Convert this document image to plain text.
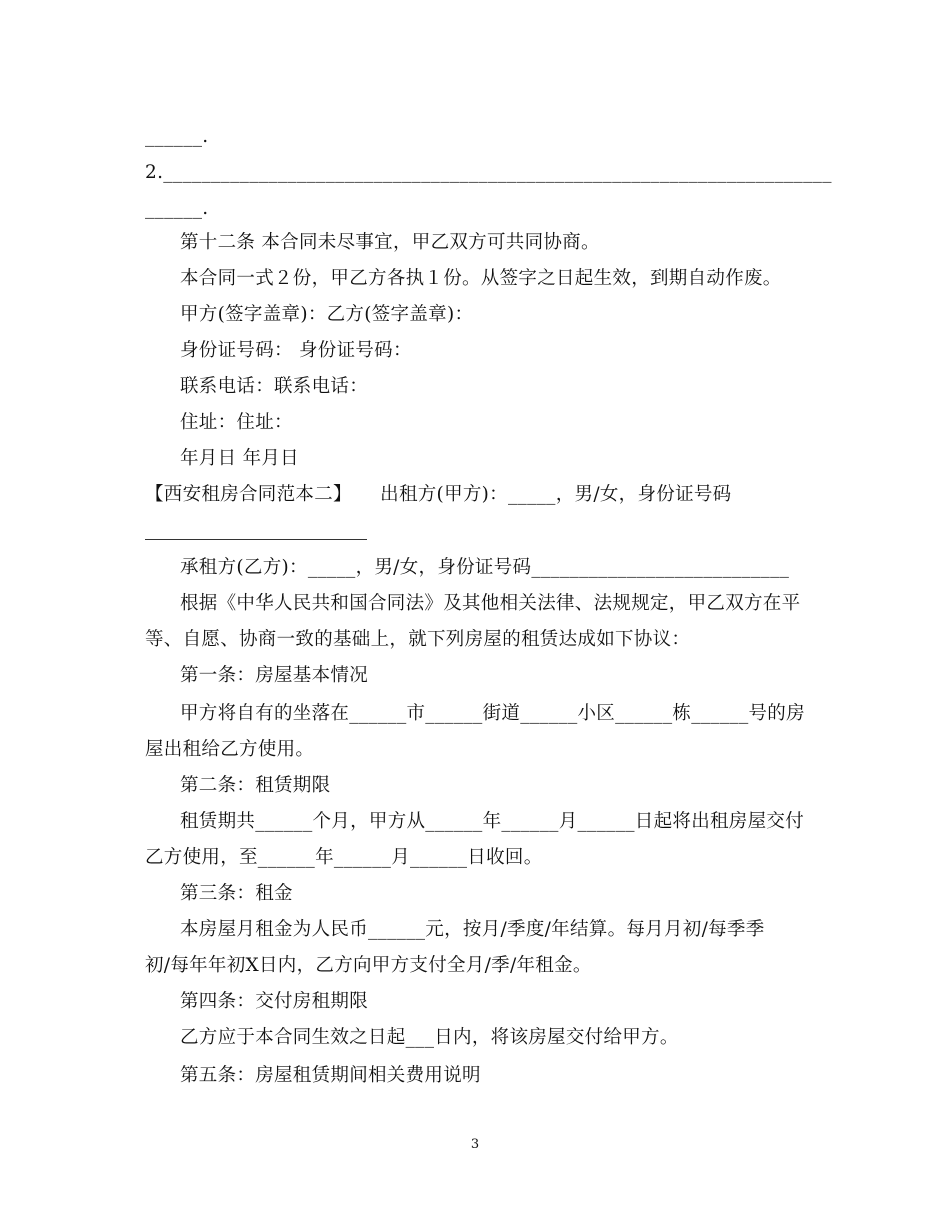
______.
2.______________________________________________________________________
______.
第十二条 本合同未尽事宜，甲乙双方可共同协商。
本合同一式２份，甲乙方各执１份。从签字之日起生效，到期自动作废。
甲方(签字盖章)：乙方(签字盖章)：
身份证号码： 身份证号码：
联系电话：联系电话：
住址：住址：
年月日 年月日
【西安租房合同范本二】　　出租方(甲方)：_____，男/女，身份证号码
承租方(乙方)：_____，男/女，身份证号码___________________________
根据《中华人民共和国合同法》及其他相关法律、法规规定，甲乙双方在平
等、自愿、协商一致的基础上，就下列房屋的租赁达成如下协议：
第一条：房屋基本情况
甲方将自有的坐落在______市______街道______小区______栋______号的房
屋出租给乙方使用。
第二条：租赁期限
租赁期共______个月，甲方从______年______月______日起将出租房屋交付
乙方使用，至______年______月______日收回。
第三条：租金
本房屋月租金为人民币______元，按月/季度/年结算。每月月初/每季季
初/每年年初X日内，乙方向甲方支付全月/季/年租金。
第四条：交付房租期限
乙方应于本合同生效之日起___日内，将该房屋交付给甲方。
第五条：房屋租赁期间相关费用说明
3
